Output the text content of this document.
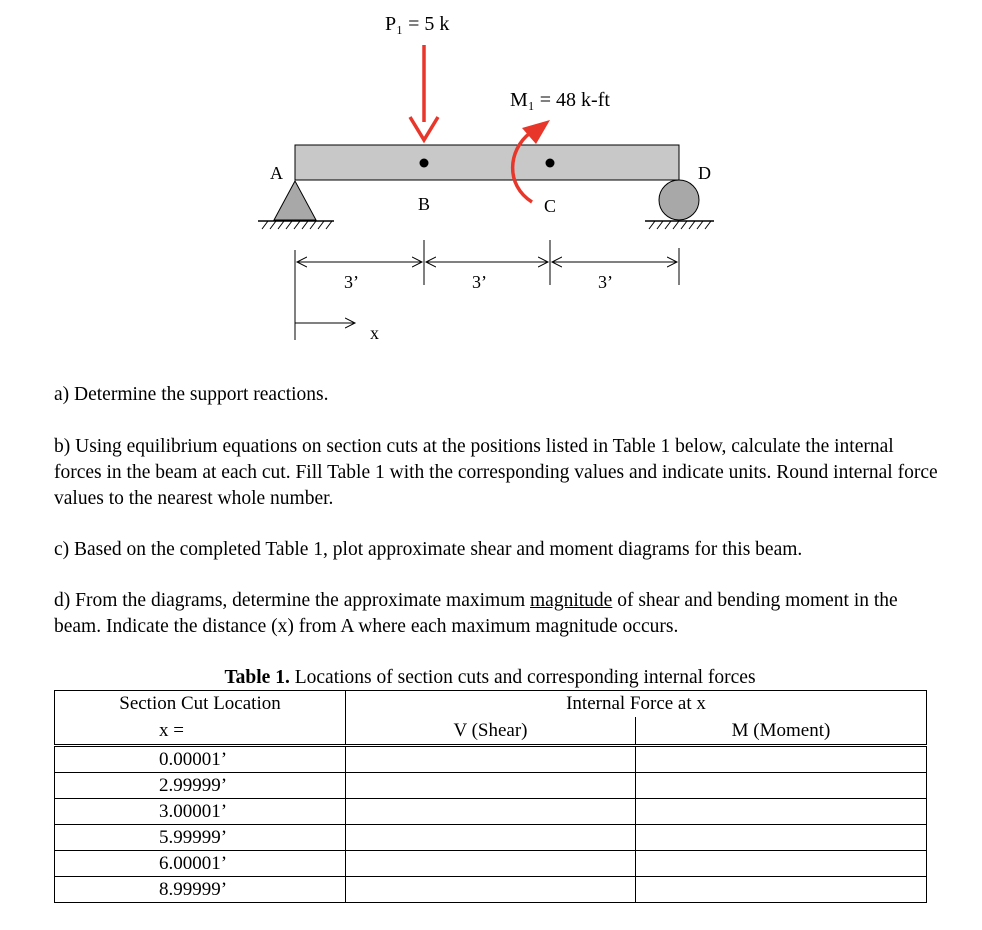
P₁ = 5 k
M₁ = 48 k-ft
A
B	C
D
3’	3’	3’
x

a) Determine the support reactions.

b) Using equilibrium equations on section cuts at the positions listed in Table 1 below, calculate the internal forces in the beam at each cut. Fill Table 1 with the corresponding values and indicate units. Round internal force values to the nearest whole number.

c) Based on the completed Table 1, plot approximate shear and moment diagrams for this beam.

d) From the diagrams, determine the approximate maximum magnitude of shear and bending moment in the beam. Indicate the distance (x) from A where each maximum magnitude occurs.

Table 1. Locations of section cuts and corresponding internal forces
Section Cut Location	Internal Force at x	
x =	V (Shear)	M (Moment)
0.00001’		
2.99999’		
3.00001’		
5.99999’		
6.00001’		
8.99999’		
